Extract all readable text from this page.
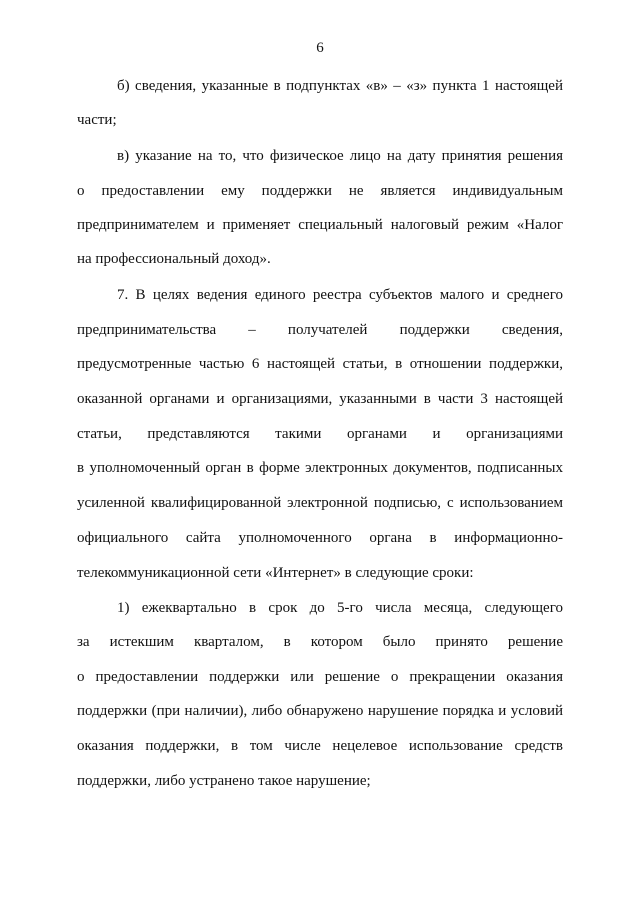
6
б) сведения, указанные в подпунктах «в» – «з» пункта 1 настоящей
части;
в) указание на то, что физическое лицо на дату принятия решения
о предоставлении ему поддержки не является индивидуальным
предпринимателем и применяет специальный налоговый режим «Налог
на профессиональный доход».
7. В целях ведения единого реестра субъектов малого и среднего
предпринимательства – получателей поддержки сведения,
предусмотренные частью 6 настоящей статьи, в отношении поддержки,
оказанной органами и организациями, указанными в части 3 настоящей
статьи, представляются такими органами и организациями
в уполномоченный орган в форме электронных документов, подписанных
усиленной квалифицированной электронной подписью, с использованием
официального сайта уполномоченного органа в информационно-
телекоммуникационной сети «Интернет» в следующие сроки:
1) ежеквартально в срок до 5-го числа месяца, следующего
за истекшим кварталом, в котором было принято решение
о предоставлении поддержки или решение о прекращении оказания
поддержки (при наличии), либо обнаружено нарушение порядка и условий
оказания поддержки, в том числе нецелевое использование средств
поддержки, либо устранено такое нарушение;
